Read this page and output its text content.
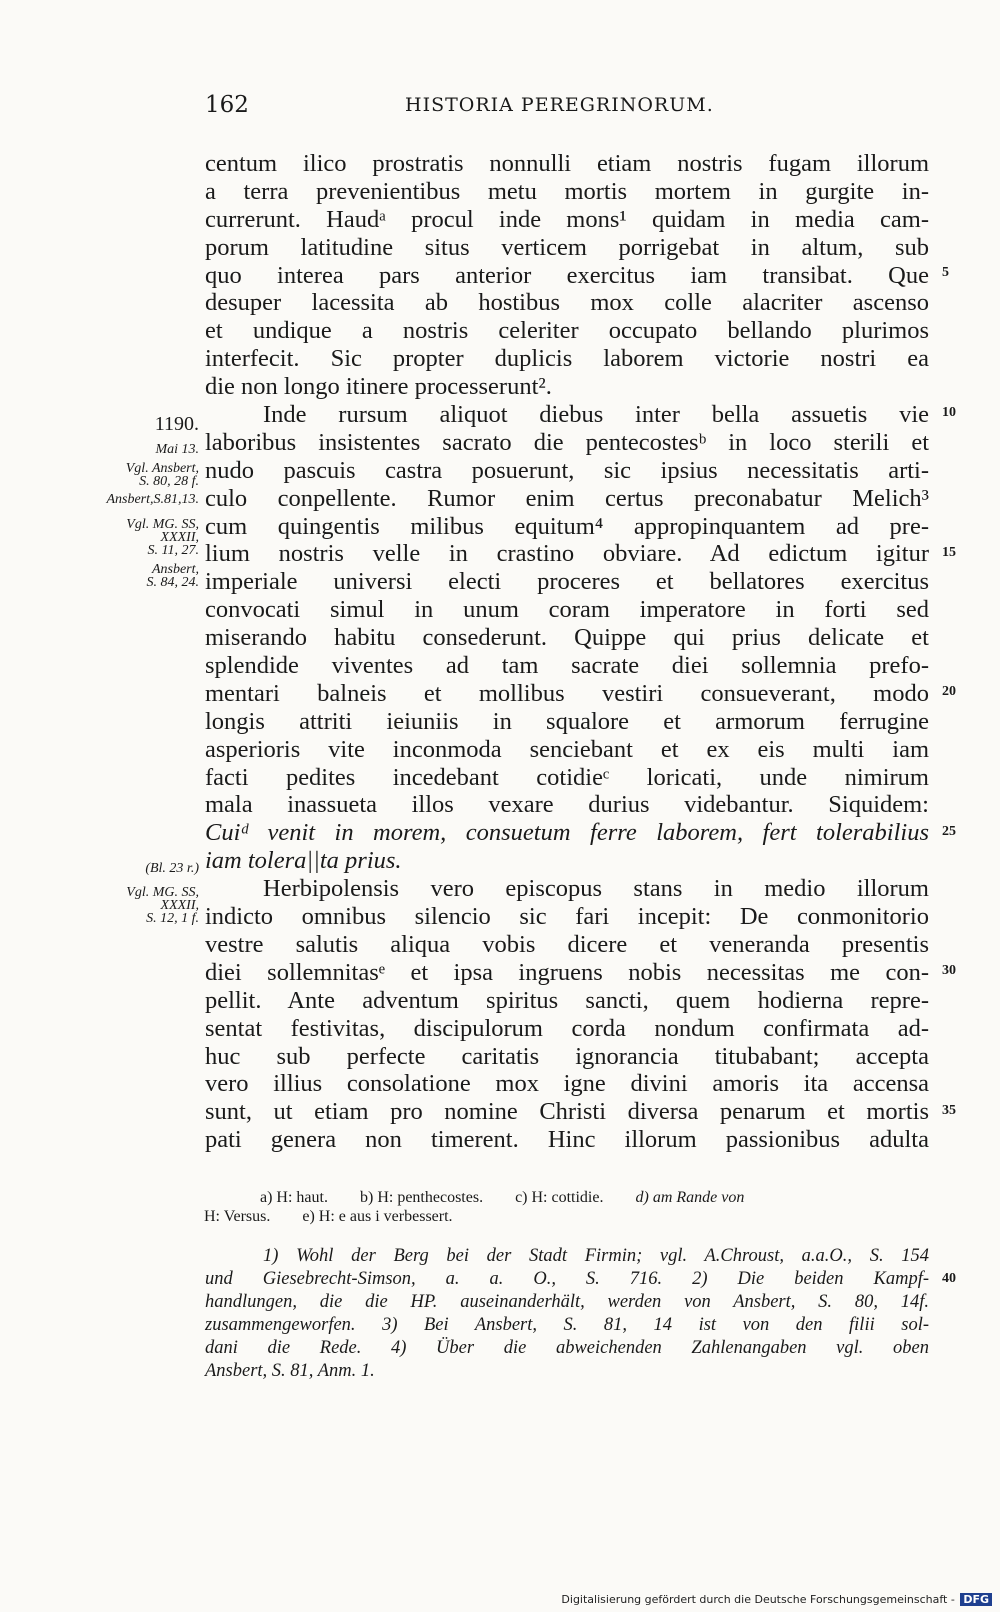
162	HISTORIA PEREGRINORUM.
centum ilico prostratis nonnulli etiam nostris fugam illorum
a terra prevenientibus metu mortis mortem in gurgite in-
currerunt. Haudᵃ procul inde mons¹ quidam in media cam-
porum latitudine situs verticem porrigebat in altum, sub
quo interea pars anterior exercitus iam transibat. Que
desuper lacessita ab hostibus mox colle alacriter ascenso
et undique a nostris celeriter occupato bellando plurimos
interfecit. Sic propter duplicis laborem victorie nostri ea
die non longo itinere processerunt².
Inde rursum aliquot diebus inter bella assuetis vie
laboribus insistentes sacrato die pentecostesᵇ in loco sterili et
nudo pascuis castra posuerunt, sic ipsius necessitatis arti-
culo conpellente. Rumor enim certus preconabatur Melich³
cum quingentis milibus equitum⁴ appropinquantem ad pre-
lium nostris velle in crastino obviare. Ad edictum igitur
imperiale universi electi proceres et bellatores exercitus
convocati simul in unum coram imperatore in forti sed
miserando habitu consederunt. Quippe qui prius delicate et
splendide viventes ad tam sacrate diei sollemnia prefo-
mentari balneis et mollibus vestiri consueverant, modo
longis attriti ieiuniis in squalore et armorum ferrugine
asperioris vite inconmoda senciebant et ex eis multi iam
facti pedites incedebant cotidieᶜ loricati, unde nimirum
mala inassueta illos vexare durius videbantur. Siquidem:
Cuiᵈ venit in morem, consuetum ferre laborem, fert tolerabilius
iam tolera||ta prius.
Herbipolensis vero episcopus stans in medio illorum
indicto omnibus silencio sic fari incepit: De conmonitorio
vestre salutis aliqua vobis dicere et veneranda presentis
diei sollemnitasᵉ et ipsa ingruens nobis necessitas me con-
pellit. Ante adventum spiritus sancti, quem hodierna repre-
sentat festivitas, discipulorum corda nondum confirmata ad-
huc sub perfecte caritatis ignorancia titubabant; accepta
vero illius consolatione mox igne divini amoris ita accensa
sunt, ut etiam pro nomine Christi diversa penarum et mortis
pati genera non timerent. Hinc illorum passionibus adulta
5
10
15
20
25
30
35
40
1190.
Mai 13.
Vgl. Ansbert,
S. 80, 28 f.
Ansbert,S.81,13.
Vgl. MG. SS,
XXXII,
S. 11, 27.
Ansbert,
S. 84, 24.
(Bl. 23 r.)
Vgl. MG. SS,
XXXII,
S. 12, 1 f.
a) H: haut. b) H: penthecostes. c) H: cottidie. d) am Rande von
H: Versus. e) H: e aus i verbessert.
1) Wohl der Berg bei der Stadt Firmin; vgl. A.Chroust, a.a.O., S. 154
und Giesebrecht-Simson, a. a. O., S. 716. 2) Die beiden Kampf-
handlungen, die die HP. auseinanderhält, werden von Ansbert, S. 80, 14f.
zusammengeworfen. 3) Bei Ansbert, S. 81, 14 ist von den filii sol-
dani die Rede. 4) Über die abweichenden Zahlenangaben vgl. oben
Ansbert, S. 81, Anm. 1.
Digitalisierung gefördert durch die Deutsche Forschungsgemeinschaft - DFG
